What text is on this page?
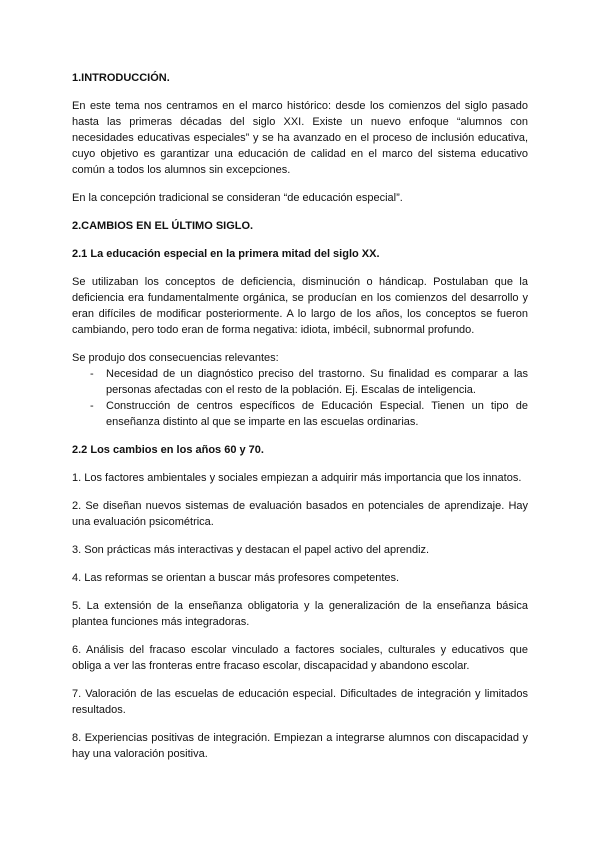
1.INTRODUCCIÓN.

En este tema nos centramos en el marco histórico: desde los comienzos del siglo pasado hasta las primeras décadas del siglo XXI. Existe un nuevo enfoque “alumnos con necesidades educativas especiales” y se ha avanzado en el proceso de inclusión educativa, cuyo objetivo es garantizar una educación de calidad en el marco del sistema educativo común a todos los alumnos sin excepciones.

En la concepción tradicional se consideran “de educación especial”.

2.CAMBIOS EN EL ÚLTIMO SIGLO.
2.1 La educación especial en la primera mitad del siglo XX.

Se utilizaban los conceptos de deficiencia, disminución o hándicap. Postulaban que la deficiencia era fundamentalmente orgánica, se producían en los comienzos del desarrollo y eran difíciles de modificar posteriormente. A lo largo de los años, los conceptos se fueron cambiando, pero todo eran de forma negativa: idiota, imbécil, subnormal profundo.

Se produjo dos consecuencias relevantes:

- Necesidad de un diagnóstico preciso del trastorno. Su finalidad es comparar a las personas afectadas con el resto de la población. Ej. Escalas de inteligencia.
- Construcción de centros específicos de Educación Especial. Tienen un tipo de enseñanza distinto al que se imparte en las escuelas ordinarias.
2.2 Los cambios en los años 60 y 70.

1. Los factores ambientales y sociales empiezan a adquirir más importancia que los innatos.

2. Se diseñan nuevos sistemas de evaluación basados en potenciales de aprendizaje. Hay una evaluación psicométrica.

3. Son prácticas más interactivas y destacan el papel activo del aprendiz.

4. Las reformas se orientan a buscar más profesores competentes.

5. La extensión de la enseñanza obligatoria y la generalización de la enseñanza básica plantea funciones más integradoras.

6. Análisis del fracaso escolar vinculado a factores sociales, culturales y educativos que obliga a ver las fronteras entre fracaso escolar, discapacidad y abandono escolar.

7. Valoración de las escuelas de educación especial. Dificultades de integración y limitados resultados.

8. Experiencias positivas de integración. Empiezan a integrarse alumnos con discapacidad y hay una valoración positiva.
